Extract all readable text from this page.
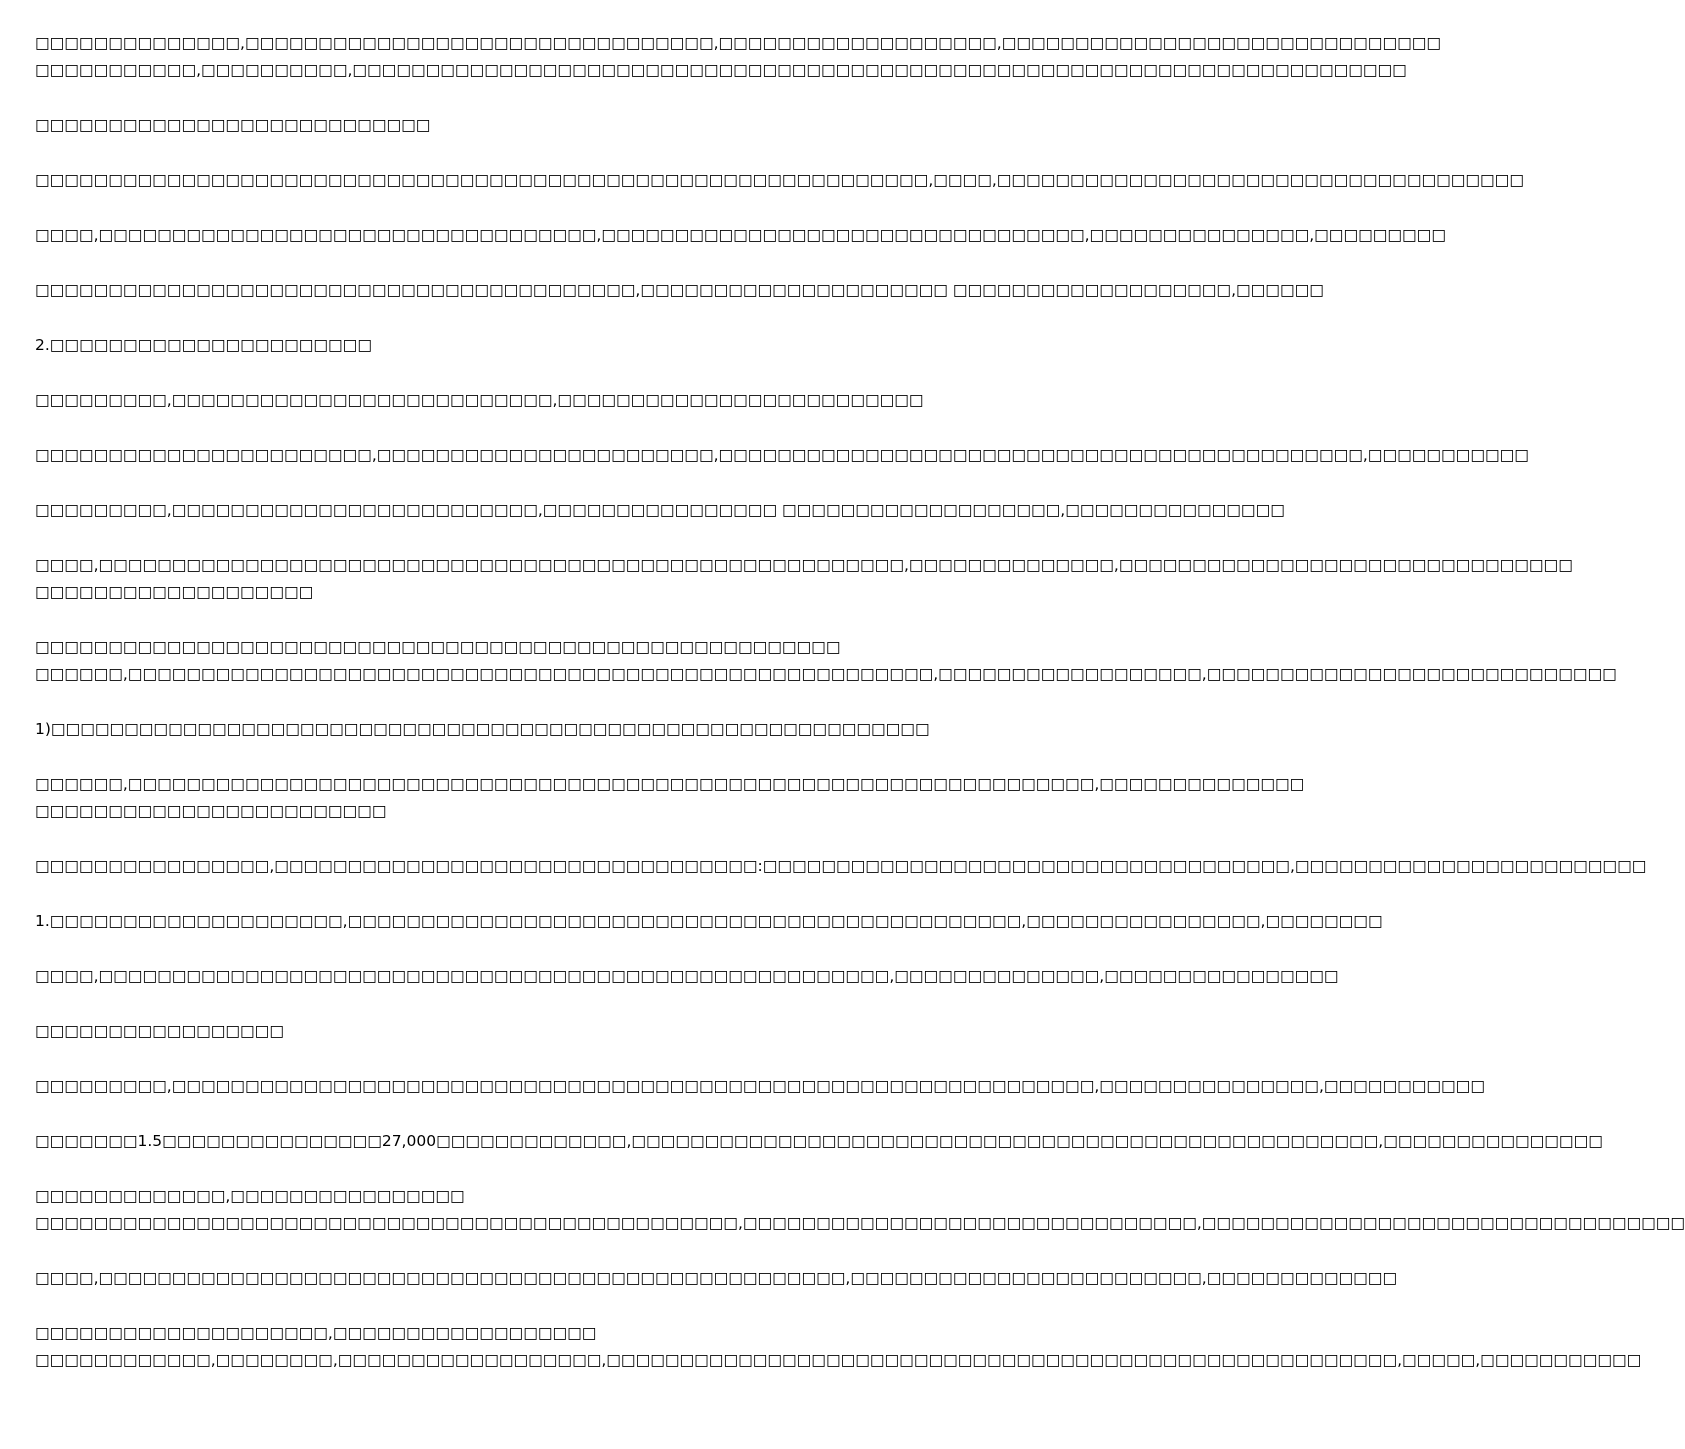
□□□□□□□□□□□□□□,□□□□□□□□□□□□□□□□□□□□□□□□□□□□□□□□,□□□□□□□□□□□□□□□□□□□,□□□□□□□□□□□□□□□□□□□□□□□□□□□□□□
□□□□□□□□□□□,□□□□□□□□□□,□□□□□□□□□□□□□□□□□□□□□□□□□□□□□□□□□□□□□□□□□□□□□□□□□□□□□□□□□□□□□□□□□□□□□□□□
□□□□□□□□□□□□□□□□□□□□□□□□□□□
□□□□□□□□□□□□□□□□□□□□□□□□□□□□□□□□□□□□□□□□□□□□□□□□□□□□□□□□□□□□□,□□□□,□□□□□□□□□□□□□□□□□□□□□□□□□□□□□□□□□□□□
□□□□,□□□□□□□□□□□□□□□□□□□□□□□□□□□□□□□□□□,□□□□□□□□□□□□□□□□□□□□□□□□□□□□□□□□□,□□□□□□□□□□□□□□□,□□□□□□□□□
□□□□□□□□□□□□□□□□□□□□□□□□□□□□□□□□□□□□□□□□□,□□□□□□□□□□□□□□□□□□□□□ □□□□□□□□□□□□□□□□□□□,□□□□□□
2.□□□□□□□□□□□□□□□□□□□□□□
□□□□□□□□□,□□□□□□□□□□□□□□□□□□□□□□□□□□,□□□□□□□□□□□□□□□□□□□□□□□□□
□□□□□□□□□□□□□□□□□□□□□□□,□□□□□□□□□□□□□□□□□□□□□□□,□□□□□□□□□□□□□□□□□□□□□□□□□□□□□□□□□□□□□□□□□□□□,□□□□□□□□□□□
□□□□□□□□□,□□□□□□□□□□□□□□□□□□□□□□□□□,□□□□□□□□□□□□□□□□ □□□□□□□□□□□□□□□□□□□,□□□□□□□□□□□□□□□
□□□□,□□□□□□□□□□□□□□□□□□□□□□□□□□□□□□□□□□□□□□□□□□□□□□□□□□□□□□□,□□□□□□□□□□□□□□,□□□□□□□□□□□□□□□□□□□□□□□□□□□□□□□
□□□□□□□□□□□□□□□□□□□
□□□□□□□□□□□□□□□□□□□□□□□□□□□□□□□□□□□□□□□□□□□□□□□□□□□□□□□
□□□□□□,□□□□□□□□□□□□□□□□□□□□□□□□□□□□□□□□□□□□□□□□□□□□□□□□□□□□□□□,□□□□□□□□□□□□□□□□□□,□□□□□□□□□□□□□□□□□□□□□□□□□□□□
1)□□□□□□□□□□□□□□□□□□□□□□□□□□□□□□□□□□□□□□□□□□□□□□□□□□□□□□□□□□□□
□□□□□□,□□□□□□□□□□□□□□□□□□□□□□□□□□□□□□□□□□□□□□□□□□□□□□□□□□□□□□□□□□□□□□□□□□,□□□□□□□□□□□□□□
□□□□□□□□□□□□□□□□□□□□□□□□
□□□□□□□□□□□□□□□□,□□□□□□□□□□□□□□□□□□□□□□□□□□□□□□□□□:□□□□□□□□□□□□□□□□□□□□□□□□□□□□□□□□□□□□,□□□□□□□□□□□□□□□□□□□□□□□□
1.□□□□□□□□□□□□□□□□□□□□,□□□□□□□□□□□□□□□□□□□□□□□□□□□□□□□□□□□□□□□□□□□□□□,□□□□□□□□□□□□□□□□,□□□□□□□□
□□□□,□□□□□□□□□□□□□□□□□□□□□□□□□□□□□□□□□□□□□□□□□□□□□□□□□□□□□□,□□□□□□□□□□□□□□,□□□□□□□□□□□□□□□□
□□□□□□□□□□□□□□□□□
□□□□□□□□□,□□□□□□□□□□□□□□□□□□□□□□□□□□□□□□□□□□□□□□□□□□□□□□□□□□□□□□□□□□□□□□□,□□□□□□□□□□□□□□□,□□□□□□□□□□□
□□□□□□□1.5□□□□□□□□□□□□□□□27,000□□□□□□□□□□□□□,□□□□□□□□□□□□□□□□□□□□□□□□□□□□□□□□□□□□□□□□□□□□□□□□□□□,□□□□□□□□□□□□□□□
□□□□□□□□□□□□□,□□□□□□□□□□□□□□□□
□□□□□□□□□□□□□□□□□□□□□□□□□□□□□□□□□□□□□□□□□□□□□□□□,□□□□□□□□□□□□□□□□□□□□□□□□□□□□□□□,□□□□□□□□□□□□□□□□□□□□□□□□□□□□□□□□□
□□□□,□□□□□□□□□□□□□□□□□□□□□□□□□□□□□□□□□□□□□□□□□□□□□□□□□□□,□□□□□□□□□□□□□□□□□□□□□□□□,□□□□□□□□□□□□□
□□□□□□□□□□□□□□□□□□□□,□□□□□□□□□□□□□□□□□□
□□□□□□□□□□□□,□□□□□□□□,□□□□□□□□□□□□□□□□□□,□□□□□□□□□□□□□□□□□□□□□□□□□□□□□□□□□□□□□□□□□□□□□□□□□□□□□□,□□□□□,□□□□□□□□□□□
